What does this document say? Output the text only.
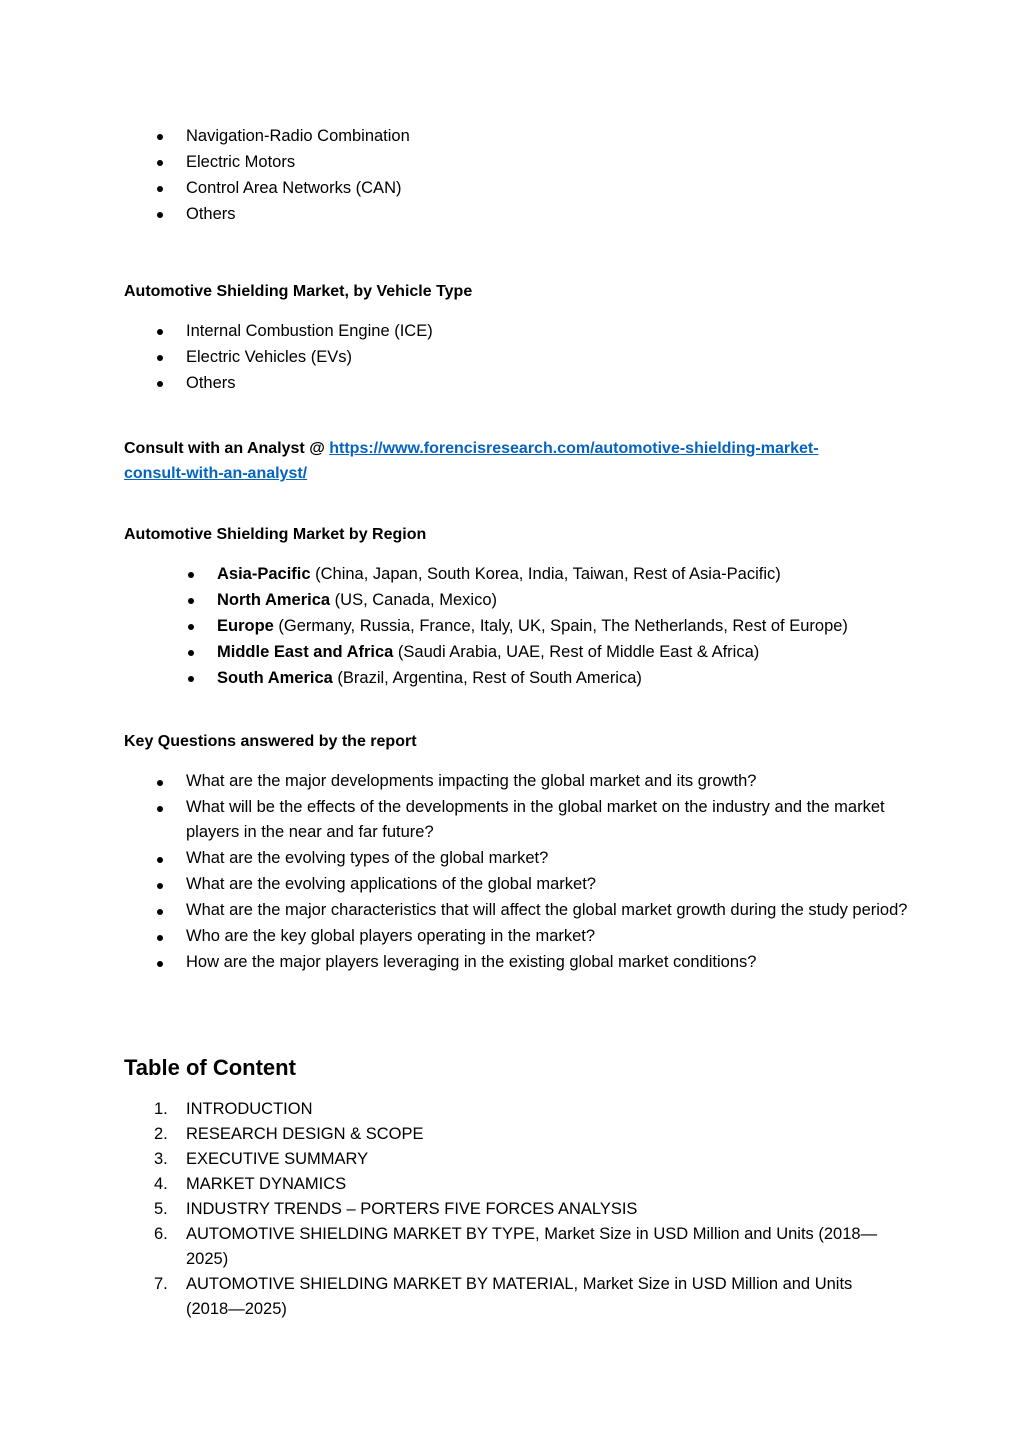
Navigation-Radio Combination
Electric Motors
Control Area Networks (CAN)
Others
Automotive Shielding Market, by Vehicle Type
Internal Combustion Engine (ICE)
Electric Vehicles (EVs)
Others
Consult with an Analyst @ https://www.forencisresearch.com/automotive-shielding-market-
consult-with-an-analyst/
Automotive Shielding Market by Region
Asia-Pacific (China, Japan, South Korea, India, Taiwan, Rest of Asia-Pacific)
North America (US, Canada, Mexico)
Europe (Germany, Russia, France, Italy, UK, Spain, The Netherlands, Rest of Europe)
Middle East and Africa (Saudi Arabia, UAE, Rest of Middle East & Africa)
South America (Brazil, Argentina, Rest of South America)
Key Questions answered by the report
What are the major developments impacting the global market and its growth?
What will be the effects of the developments in the global market on the industry and the market players in the near and far future?
What are the evolving types of the global market?
What are the evolving applications of the global market?
What are the major characteristics that will affect the global market growth during the study period?
Who are the key global players operating in the market?
How are the major players leveraging in the existing global market conditions?
Table of Content
1. INTRODUCTION
2. RESEARCH DESIGN & SCOPE
3. EXECUTIVE SUMMARY
4. MARKET DYNAMICS
5. INDUSTRY TRENDS – PORTERS FIVE FORCES ANALYSIS
6. AUTOMOTIVE SHIELDING MARKET BY TYPE, Market Size in USD Million and Units (2018—2025)
7. AUTOMOTIVE SHIELDING MARKET BY MATERIAL, Market Size in USD Million and Units (2018—2025)
